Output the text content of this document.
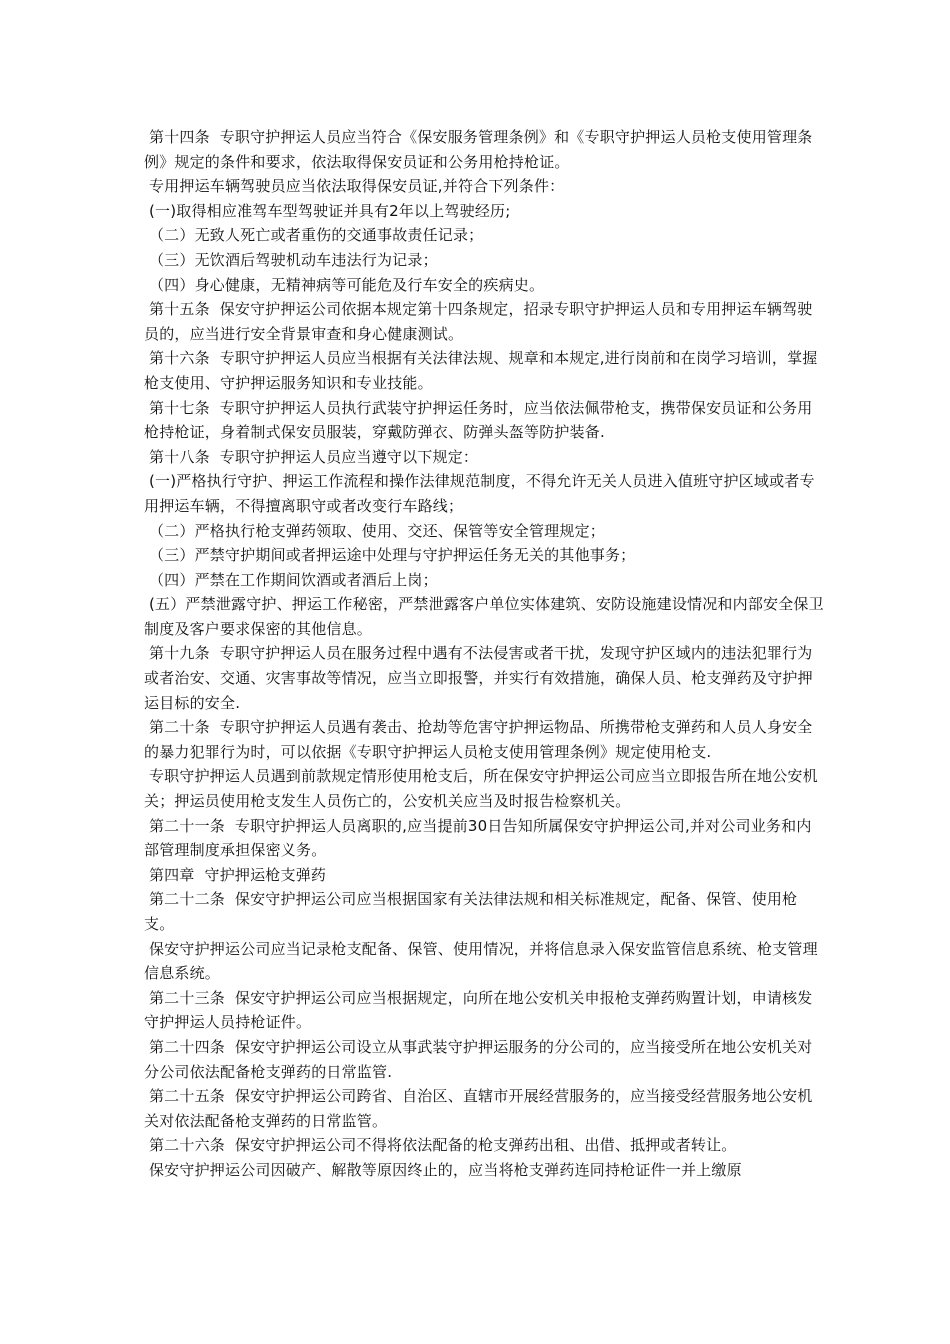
第十四条  专职守护押运人员应当符合《保安服务管理条例》和《专职守护押运人员枪支使用管理条例》规定的条件和要求，依法取得保安员证和公务用枪持枪证。

专用押运车辆驾驶员应当依法取得保安员证,并符合下列条件：

(一)取得相应准驾车型驾驶证并具有2年以上驾驶经历;

（二）无致人死亡或者重伤的交通事故责任记录；

（三）无饮酒后驾驶机动车违法行为记录；

（四）身心健康，无精神病等可能危及行车安全的疾病史。

第十五条  保安守护押运公司依据本规定第十四条规定，招录专职守护押运人员和专用押运车辆驾驶员的，应当进行安全背景审查和身心健康测试。

第十六条  专职守护押运人员应当根据有关法律法规、规章和本规定,进行岗前和在岗学习培训，掌握枪支使用、守护押运服务知识和专业技能。

第十七条  专职守护押运人员执行武装守护押运任务时，应当依法佩带枪支，携带保安员证和公务用枪持枪证，身着制式保安员服装，穿戴防弹衣、防弹头盔等防护装备.

第十八条  专职守护押运人员应当遵守以下规定：

(一)严格执行守护、押运工作流程和操作法律规范制度，不得允许无关人员进入值班守护区域或者专用押运车辆，不得擅离职守或者改变行车路线；

（二）严格执行枪支弹药领取、使用、交还、保管等安全管理规定；

（三）严禁守护期间或者押运途中处理与守护押运任务无关的其他事务；

（四）严禁在工作期间饮酒或者酒后上岗；

(五）严禁泄露守护、押运工作秘密，严禁泄露客户单位实体建筑、安防设施建设情况和内部安全保卫制度及客户要求保密的其他信息。

第十九条  专职守护押运人员在服务过程中遇有不法侵害或者干扰，发现守护区域内的违法犯罪行为或者治安、交通、灾害事故等情况，应当立即报警，并实行有效措施，确保人员、枪支弹药及守护押运目标的安全.

第二十条  专职守护押运人员遇有袭击、抢劫等危害守护押运物品、所携带枪支弹药和人员人身安全的暴力犯罪行为时，可以依据《专职守护押运人员枪支使用管理条例》规定使用枪支.

专职守护押运人员遇到前款规定情形使用枪支后，所在保安守护押运公司应当立即报告所在地公安机关；押运员使用枪支发生人员伤亡的，公安机关应当及时报告检察机关。

第二十一条  专职守护押运人员离职的,应当提前30日告知所属保安守护押运公司,并对公司业务和内部管理制度承担保密义务。

第四章  守护押运枪支弹药

第二十二条  保安守护押运公司应当根据国家有关法律法规和相关标准规定，配备、保管、使用枪支。

保安守护押运公司应当记录枪支配备、保管、使用情况，并将信息录入保安监管信息系统、枪支管理信息系统。

第二十三条  保安守护押运公司应当根据规定，向所在地公安机关申报枪支弹药购置计划，申请核发守护押运人员持枪证件。

第二十四条  保安守护押运公司设立从事武装守护押运服务的分公司的，应当接受所在地公安机关对分公司依法配备枪支弹药的日常监管.

第二十五条  保安守护押运公司跨省、自治区、直辖市开展经营服务的，应当接受经营服务地公安机关对依法配备枪支弹药的日常监管。

第二十六条  保安守护押运公司不得将依法配备的枪支弹药出租、出借、抵押或者转让。

保安守护押运公司因破产、解散等原因终止的，应当将枪支弹药连同持枪证件一并上缴原
